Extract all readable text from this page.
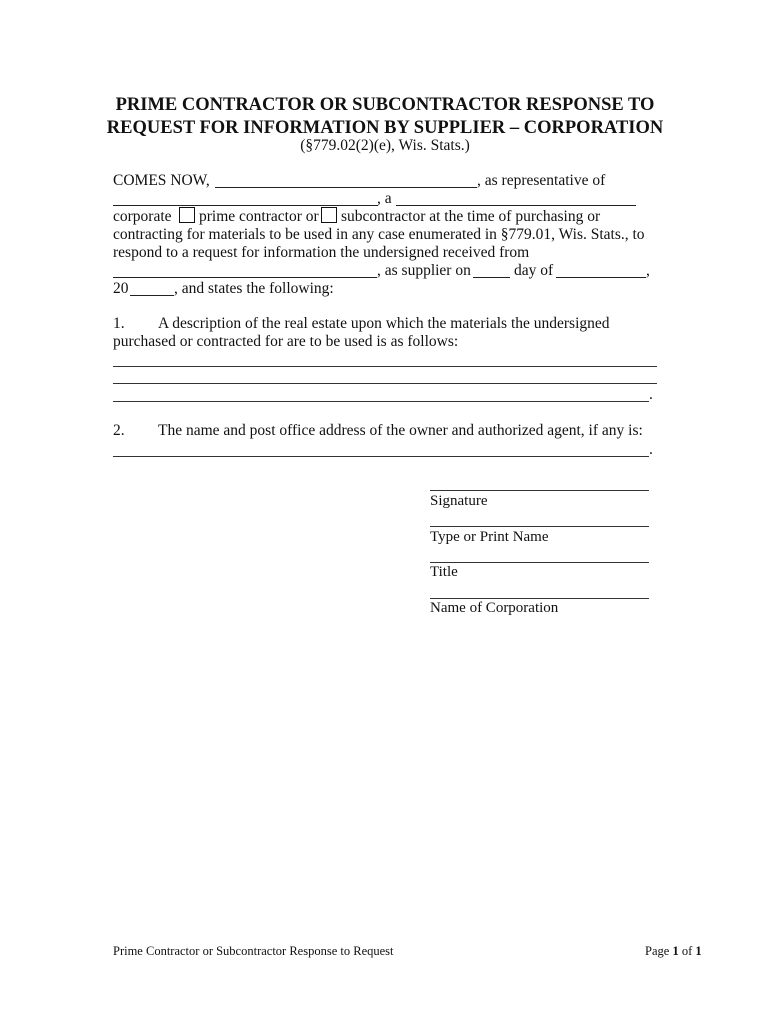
PRIME CONTRACTOR OR SUBCONTRACTOR RESPONSE TO
REQUEST FOR INFORMATION BY SUPPLIER – CORPORATION
(§779.02(2)(e), Wis. Stats.)
COMES NOW,	, as representative of
, a
corporate prime contractor or subcontractor at the time of purchasing or
contracting for materials to be used in any case enumerated in §779.01, Wis. Stats., to
respond to a request for information the undersigned received from
, as supplier on	day of	,
20	, and states the following:
1. A description of the real estate upon which the materials the undersigned
purchased or contracted for are to be used is as follows:
.
2. The name and post office address of the owner and authorized agent, if any is:
.
Signature
Type or Print Name
Title
Name of Corporation
Prime Contractor or Subcontractor Response to Request	Page 1 of 1
